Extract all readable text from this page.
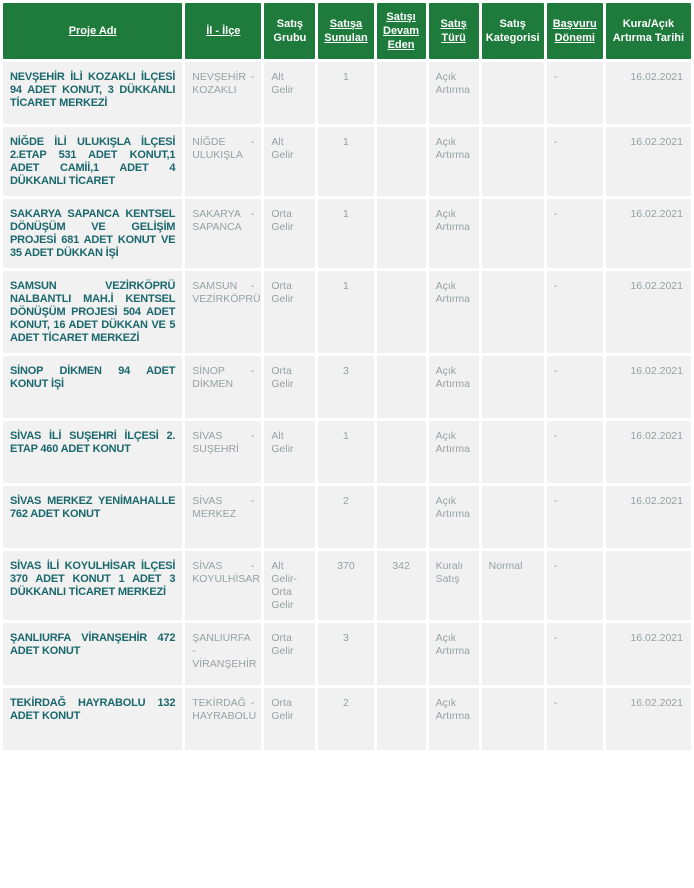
Proje Adı	İl - İlçe	Satış Grubu	Satışa Sunulan	Satışı Devam Eden	Satış Türü	Satış Kategorisi	Başvuru Dönemi	Kura/Açık Artırma Tarihi

NEVŞEHİR İLİ KOZAKLI İLÇESİ 94 ADET KONUT, 3 DÜKKANLI TİCARET MERKEZİ	NEVŞEHİR - KOZAKLI	Alt Gelir	1		Açık Artırma		-	16.02.2021

NİĞDE İLİ ULUKIŞLA İLÇESİ 2.ETAP 531 ADET KONUT,1 ADET CAMİİ,1 ADET 4 DÜKKANLI TİCARET	NİĞDE - ULUKIŞLA	Alt Gelir	1		Açık Artırma		-	16.02.2021

SAKARYA SAPANCA KENTSEL DÖNÜŞÜM VE GELİŞİM PROJESİ 681 ADET KONUT VE 35 ADET DÜKKAN İŞİ	SAKARYA - SAPANCA	Orta Gelir	1		Açık Artırma		-	16.02.2021

SAMSUN VEZİRKÖPRÜ NALBANTLI MAH.İ KENTSEL DÖNÜŞÜM PROJESİ 504 ADET KONUT, 16 ADET DÜKKAN VE 5 ADET TİCARET MERKEZİ	SAMSUN - VEZİRKÖPRÜ	Orta Gelir	1		Açık Artırma		-	16.02.2021

SİNOP DİKMEN 94 ADET KONUT İŞİ	SİNOP - DİKMEN	Orta Gelir	3		Açık Artırma		-	16.02.2021

SİVAS İLİ SUŞEHRİ İLÇESİ 2. ETAP 460 ADET KONUT	SİVAS - SUŞEHRİ	Alt Gelir	1		Açık Artırma		-	16.02.2021

SİVAS MERKEZ YENİMAHALLE 762 ADET KONUT	SİVAS - MERKEZ		2		Açık Artırma		-	16.02.2021

SİVAS İLİ KOYULHİSAR İLÇESİ 370 ADET KONUT 1 ADET 3 DÜKKANLI TİCARET MERKEZİ	SİVAS - KOYULHİSAR	Alt Gelir-Orta Gelir	370	342	Kuralı Satış	Normal	-	

ŞANLIURFA VİRANŞEHİR 472 ADET KONUT	ŞANLIURFA - VİRANŞEHİR	Orta Gelir	3		Açık Artırma		-	16.02.2021

TEKİRDAĞ HAYRABOLU 132 ADET KONUT	TEKİRDAĞ - HAYRABOLU	Orta Gelir	2		Açık Artırma		-	16.02.2021
